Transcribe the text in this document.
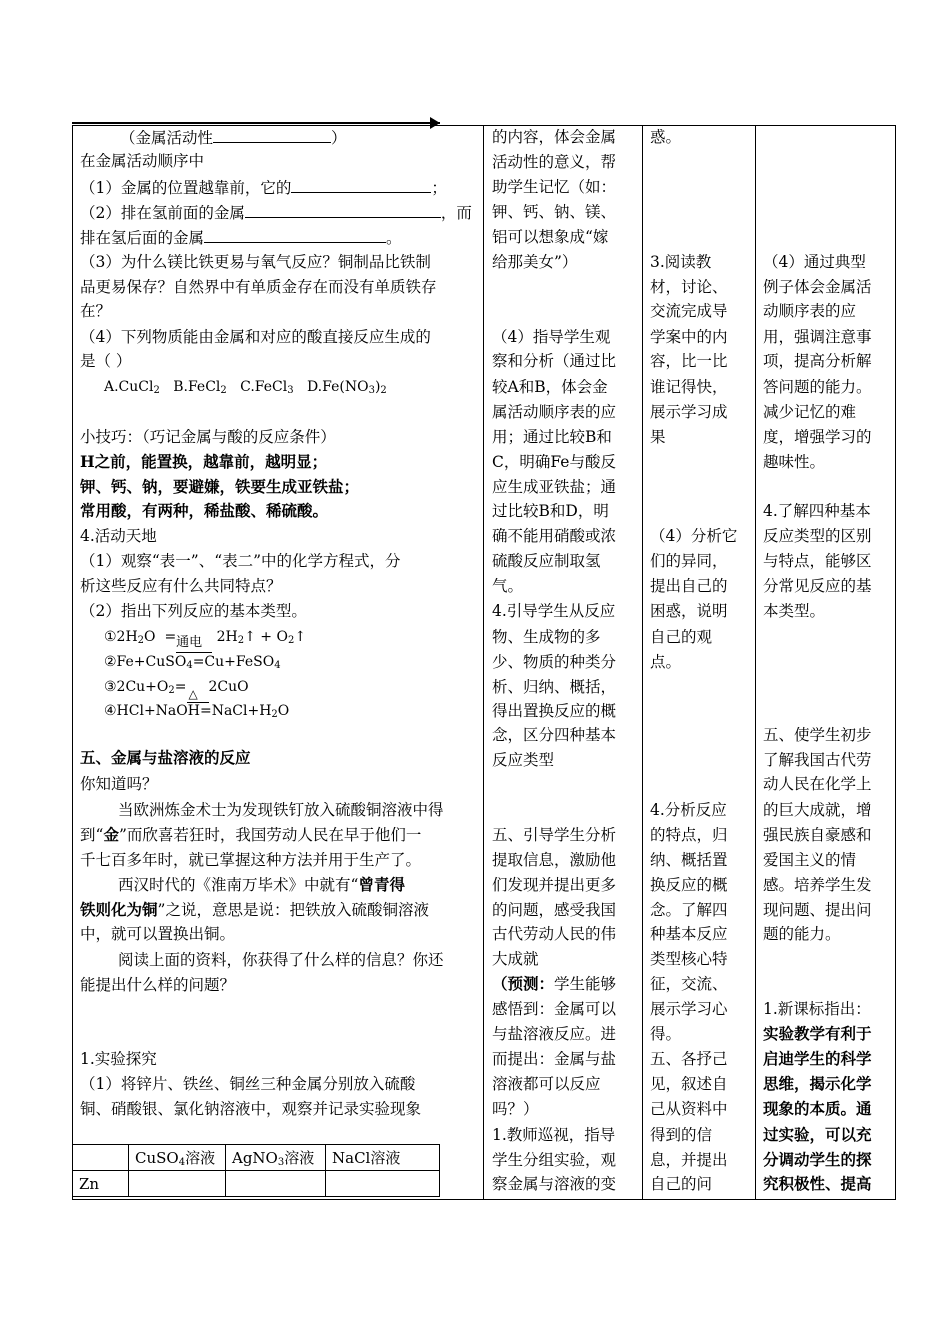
（金属活动性	）
在金属活动顺序中
（1）金属的位置越靠前，它的	；
（2）排在氢前面的金属	，而
排在氢后面的金属	。
（3）为什么镁比铁更易与氧气反应？铜制品比铁制
品更易保存？自然界中有单质金存在而没有单质铁存
在？
（4）下列物质能由金属和对应的酸直接反应生成的
是（ ）
A.CuCl$_2$ B.FeCl$_2$ C.FeCl$_3$ $D.Fe(NO_3)_2$
小技巧：（巧记金属与酸的反应条件）
H之前，能置换，越靠前，越明显；
钾、钙、钠，要避嫌，铁要生成亚铁盐；
常用酸，有两种，稀盐酸、稀硫酸。
4.活动天地
（1）观察“表一”、“表二”中的化学方程式，分
析这些反应有什么共同特点？
（2）指出下列反应的基本类型。
$①2H_2O$ = 通电 $2H_2↑$ + $O_2↑$
②Fe+CuSO$_4$=Cu+FeSO$_4$
$③2Cu+O_2=$ △ 2CuO
$④HCl+NaOH=NaCl+H_2O$
五、金属与盐溶液的反应
你知道吗？
当欧洲炼金术士为发现铁钉放入硫酸铜溶液中得
到“金”而欣喜若狂时，我国劳动人民在早于他们一
千七百多年时，就已掌握这种方法并用于生产了。
西汉时代的《淮南万毕术》中就有“曾青得
铁则化为铜”之说，意思是说：把铁放入硫酸铜溶液
中，就可以置换出铜。
阅读上面的资料，你获得了什么样的信息？你还
能提出什么样的问题？
1.实验探究
（1）将锌片、铁丝、铜丝三种金属分别放入硫酸
铜、硝酸银、氯化钠溶液中，观察并记录实验现象
	CuSO$_4$溶液	AgNO$_3$溶液	NaCl溶液
Zn			
的内容，体会金属
活动性的意义，帮
助学生记忆（如：
钾、钙、钠、镁、
铝可以想象成“嫁
给那美女”）
（4）指导学生观
察和分析（通过比
较A和B，体会金
属活动顺序表的应
用；通过比较B和
C，明确Fe与酸反
应生成亚铁盐；通
过比较B和D，明
确不能用硝酸或浓
硫酸反应制取氢
气。
4.引导学生从反应
物、生成物的多
少、物质的种类分
析、归纳、概括，
得出置换反应的概
念，区分四种基本
反应类型
五、引导学生分析
提取信息，激励他
们发现并提出更多
的问题，感受我国
古代劳动人民的伟
大成就
（预测：学生能够
感悟到：金属可以
与盐溶液反应。进
而提出：金属与盐
溶液都可以反应
吗？）
1.教师巡视，指导
学生分组实验，观
察金属与溶液的变
惑。
3.阅读教
材，讨论、
交流完成导
学案中的内
容，比一比
谁记得快，
展示学习成
果
（4）分析它
们的异同，
提出自己的
困惑，说明
自己的观
点。
4.分析反应
的特点，归
纳、概括置
换反应的概
念。了解四
种基本反应
类型核心特
征，交流、
展示学习心
得。
五、各抒己
见，叙述自
己从资料中
得到的信
息，并提出
自己的问
（4）通过典型
例子体会金属活
动顺序表的应
用，强调注意事
项，提高分析解
答问题的能力。
减少记忆的难
度，增强学习的
趣味性。
4.了解四种基本
反应类型的区别
与特点，能够区
分常见反应的基
本类型。
五、使学生初步
了解我国古代劳
动人民在化学上
的巨大成就，增
强民族自豪感和
爱国主义的情
感。培养学生发
现问题、提出问
题的能力。
1.新课标指出：
实验教学有利于
启迪学生的科学
思维，揭示化学
现象的本质。通
过实验，可以充
分调动学生的探
究积极性、提高
